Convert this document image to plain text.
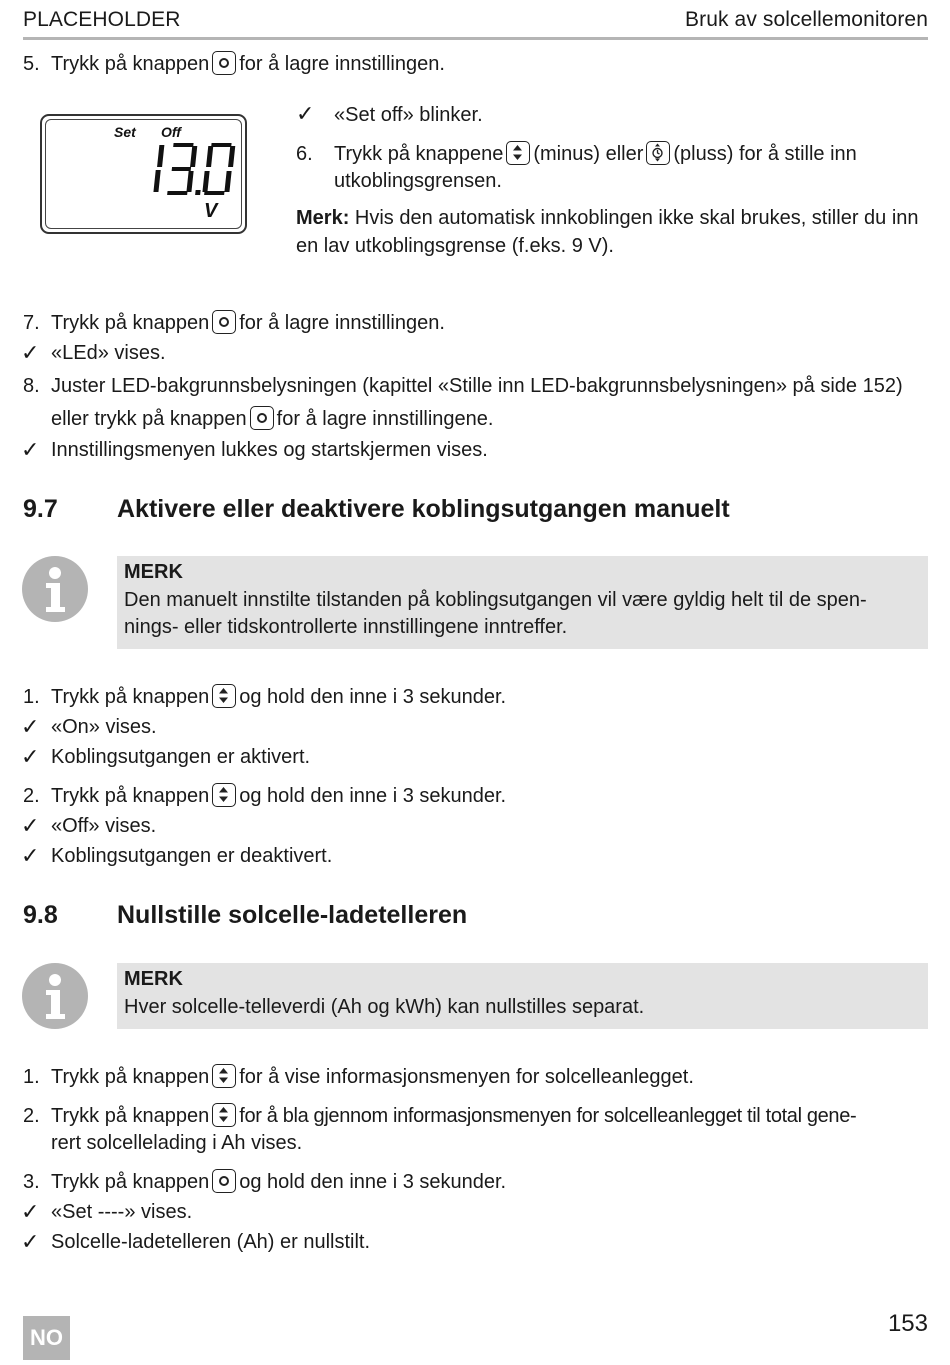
PLACEHOLDER	Bruk av solcellemonitoren
5. Trykk på knappen for å lagre innstillingen.
Set Off
V
✓ «Set off» blinker.
6. Trykk på knappene (minus) eller (pluss) for å stille inn
utkoblingsgrensen.
Merk: Hvis den automatisk innkoblingen ikke skal brukes, stiller du inn en lav utkoblingsgrense (f.eks. 9 V).
7. Trykk på knappen for å lagre innstillingen.
✓ «LEd» vises.
8. Juster LED-bakgrunnsbelysningen (kapittel «Stille inn LED-bakgrunnsbelysningen» på side 152)
eller trykk på knappen for å lagre innstillingene.
✓ Innstillingsmenyen lukkes og startskjermen vises.
9.7 Aktivere eller deaktivere koblingsutgangen manuelt
MERK
Den manuelt innstilte tilstanden på koblingsutgangen vil være gyldig helt til de spen-nings- eller tidskontrollerte innstillingene inntreffer.
1. Trykk på knappen og hold den inne i 3 sekunder.
✓ «On» vises.
✓ Koblingsutgangen er aktivert.
2. Trykk på knappen og hold den inne i 3 sekunder.
✓ «Off» vises.
✓ Koblingsutgangen er deaktivert.
9.8 Nullstille solcelle-ladetelleren
MERK
Hver solcelle-telleverdi (Ah og kWh) kan nullstilles separat.
1. Trykk på knappen for å vise informasjonsmenyen for solcelleanlegget.
2. Trykk på knappen for å bla gjennom informasjonsmenyen for solcelleanlegget til total gene-
rert solcellelading i Ah vises.
3. Trykk på knappen og hold den inne i 3 sekunder.
✓ «Set ----» vises.
✓ Solcelle-ladetelleren (Ah) er nullstilt.
NO
153
